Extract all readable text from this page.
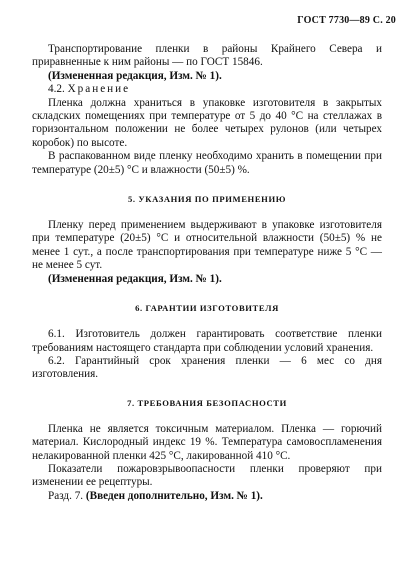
ГОСТ 7730—89 С. 20

Транспортирование пленки в районы Крайнего Севера и приравненные к ним районы — по ГОСТ 15846.

(Измененная редакция, Изм. № 1).

4.2. Хранение

Пленка должна храниться в упаковке изготовителя в закрытых складских помещениях при температуре от 5 до 40 °С на стеллажах в горизонтальном положении не более четырех рулонов (или четырех коробок) по высоте.

В распакованном виде пленку необходимо хранить в помещении при температуре (20±5) °С и влажности (50±5) %.

5. УКАЗАНИЯ ПО ПРИМЕНЕНИЮ

Пленку перед применением выдерживают в упаковке изготовителя при температуре (20±5) °С и относительной влажности (50±5) % не менее 1 сут., а после транспортирования при температуре ниже 5 °С — не менее 5 сут.

(Измененная редакция, Изм. № 1).

6. ГАРАНТИИ ИЗГОТОВИТЕЛЯ

6.1. Изготовитель должен гарантировать соответствие пленки требованиям настоящего стандарта при соблюдении условий хранения.

6.2. Гарантийный срок хранения пленки — 6 мес со дня изготовления.

7. ТРЕБОВАНИЯ БЕЗОПАСНОСТИ

Пленка не является токсичным материалом. Пленка — горючий материал. Кислородный индекс 19 %. Температура самовоспламенения нелакированной пленки 425 °С, лакированной 410 °С.

Показатели пожаровзрывоопасности пленки проверяют при изменении ее рецептуры.

Разд. 7. (Введен дополнительно, Изм. № 1).
